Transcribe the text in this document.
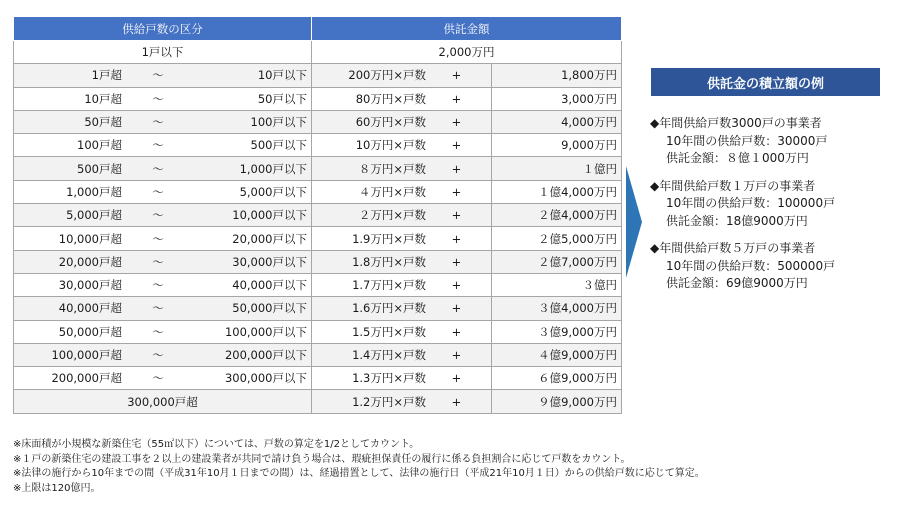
供給戸数の区分	供託金額	
1戸以下	2,000万円	

1戸超 ～ 10戸以下	200万円×戸数 +	1,800万円

10戸超 ～ 50戸以下	80万円×戸数 +	3,000万円

50戸超 ～ 100戸以下	60万円×戸数 +	4,000万円

100戸超 ～ 500戸以下	10万円×戸数 +	9,000万円

500戸超 ～ 1,000戸以下	８万円×戸数 +	１億円

1,000戸超 ～ 5,000戸以下	４万円×戸数 +	１億4,000万円

5,000戸超 ～ 10,000戸以下	２万円×戸数 +	２億4,000万円

10,000戸超 ～ 20,000戸以下	1.9万円×戸数 +	２億5,000万円

20,000戸超 ～ 30,000戸以下	1.8万円×戸数 +	２億7,000万円

30,000戸超 ～ 40,000戸以下	1.7万円×戸数 +	３億円

40,000戸超 ～ 50,000戸以下	1.6万円×戸数 +	３億4,000万円

50,000戸超 ～ 100,000戸以下	1.5万円×戸数 +	３億9,000万円

100,000戸超 ～ 200,000戸以下	1.4万円×戸数 +	４億9,000万円

200,000戸超 ～ 300,000戸以下	1.3万円×戸数 +	６億9,000万円
300,000戸超	1.2万円×戸数 +	９億9,000万円
供託金の積立額の例
◆年間供給戸数3000戸の事業者
10年間の供給戸数：30000戸
供託金額：８億１000万円
◆年間供給戸数１万戸の事業者
10年間の供給戸数：100000戸
供託金額：18億9000万円
◆年間供給戸数５万戸の事業者
10年間の供給戸数：500000戸
供託金額：69億9000万円
※床面積が小規模な新築住宅（55㎡以下）については、戸数の算定を1/2としてカウント。
※１戸の新築住宅の建設工事を２以上の建設業者が共同で請け負う場合は、瑕疵担保責任の履行に係る負担割合に応じて戸数をカウント。
※法律の施行から10年までの間（平成31年10月１日までの間）は、経過措置として、法律の施行日（平成21年10月１日）からの供給戸数に応じて算定。
※上限は120億円。
